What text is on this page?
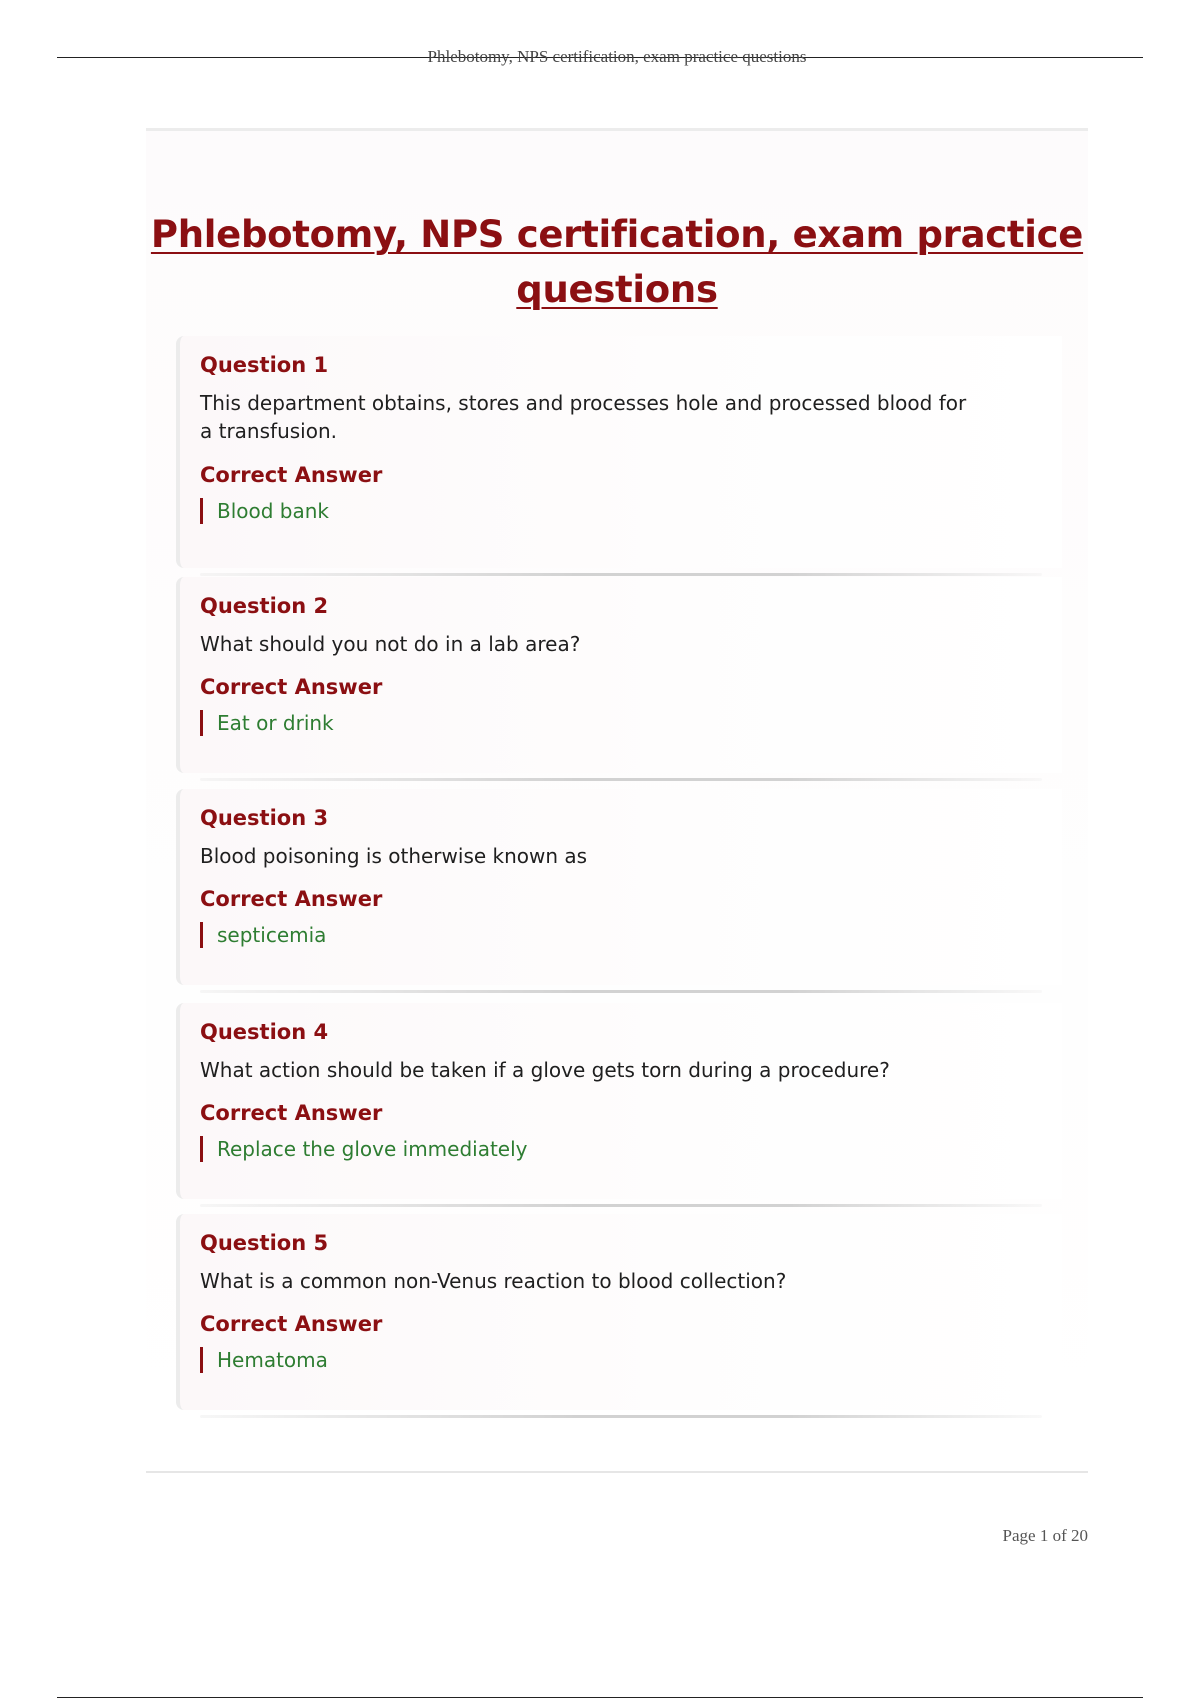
Phlebotomy, NPS certification, exam practice questions
Phlebotomy, NPS certification, exam practice questions
Question 1
This department obtains, stores and processes hole and processed blood for a transfusion.
Correct Answer
Blood bank
Question 2
What should you not do in a lab area?
Correct Answer
Eat or drink
Question 3
Blood poisoning is otherwise known as
Correct Answer
septicemia
Question 4
What action should be taken if a glove gets torn during a procedure?
Correct Answer
Replace the glove immediately
Question 5
What is a common non-Venus reaction to blood collection?
Correct Answer
Hematoma
Page 1 of 20
